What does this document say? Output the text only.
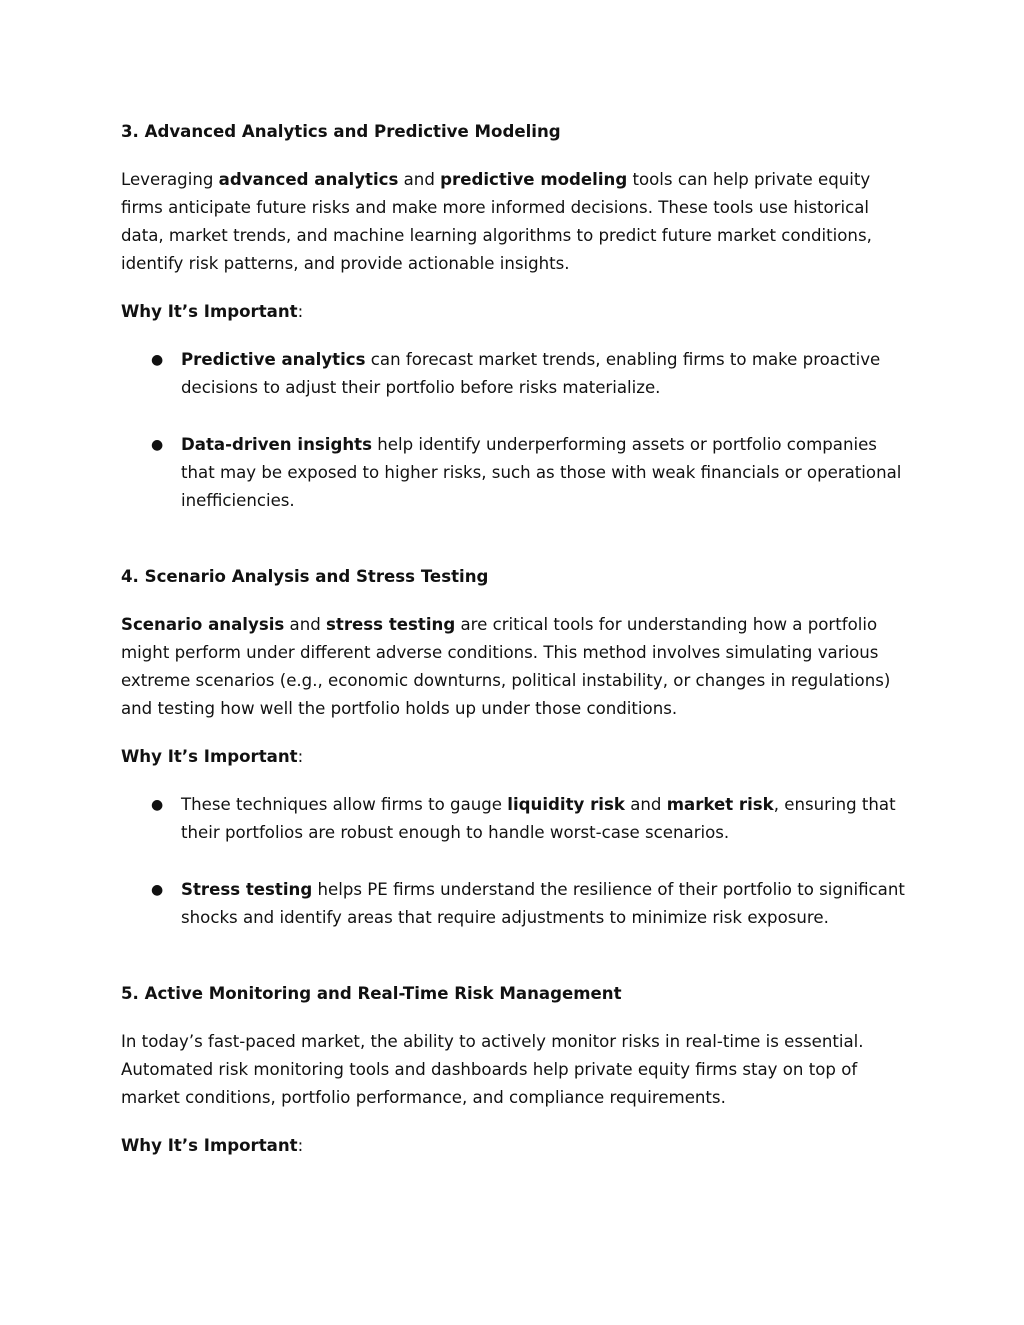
3. Advanced Analytics and Predictive Modeling

Leveraging advanced analytics and predictive modeling tools can help private equity firms anticipate future risks and make more informed decisions. These tools use historical data, market trends, and machine learning algorithms to predict future market conditions, identify risk patterns, and provide actionable insights.

Why It’s Important:

● Predictive analytics can forecast market trends, enabling firms to make proactive decisions to adjust their portfolio before risks materialize.
● Data-driven insights help identify underperforming assets or portfolio companies that may be exposed to higher risks, such as those with weak financials or operational inefficiencies.

4. Scenario Analysis and Stress Testing

Scenario analysis and stress testing are critical tools for understanding how a portfolio might perform under different adverse conditions. This method involves simulating various extreme scenarios (e.g., economic downturns, political instability, or changes in regulations) and testing how well the portfolio holds up under those conditions.

Why It’s Important:

● These techniques allow firms to gauge liquidity risk and market risk, ensuring that their portfolios are robust enough to handle worst-case scenarios.
● Stress testing helps PE firms understand the resilience of their portfolio to significant shocks and identify areas that require adjustments to minimize risk exposure.

5. Active Monitoring and Real-Time Risk Management

In today’s fast-paced market, the ability to actively monitor risks in real-time is essential. Automated risk monitoring tools and dashboards help private equity firms stay on top of market conditions, portfolio performance, and compliance requirements.

Why It’s Important:
